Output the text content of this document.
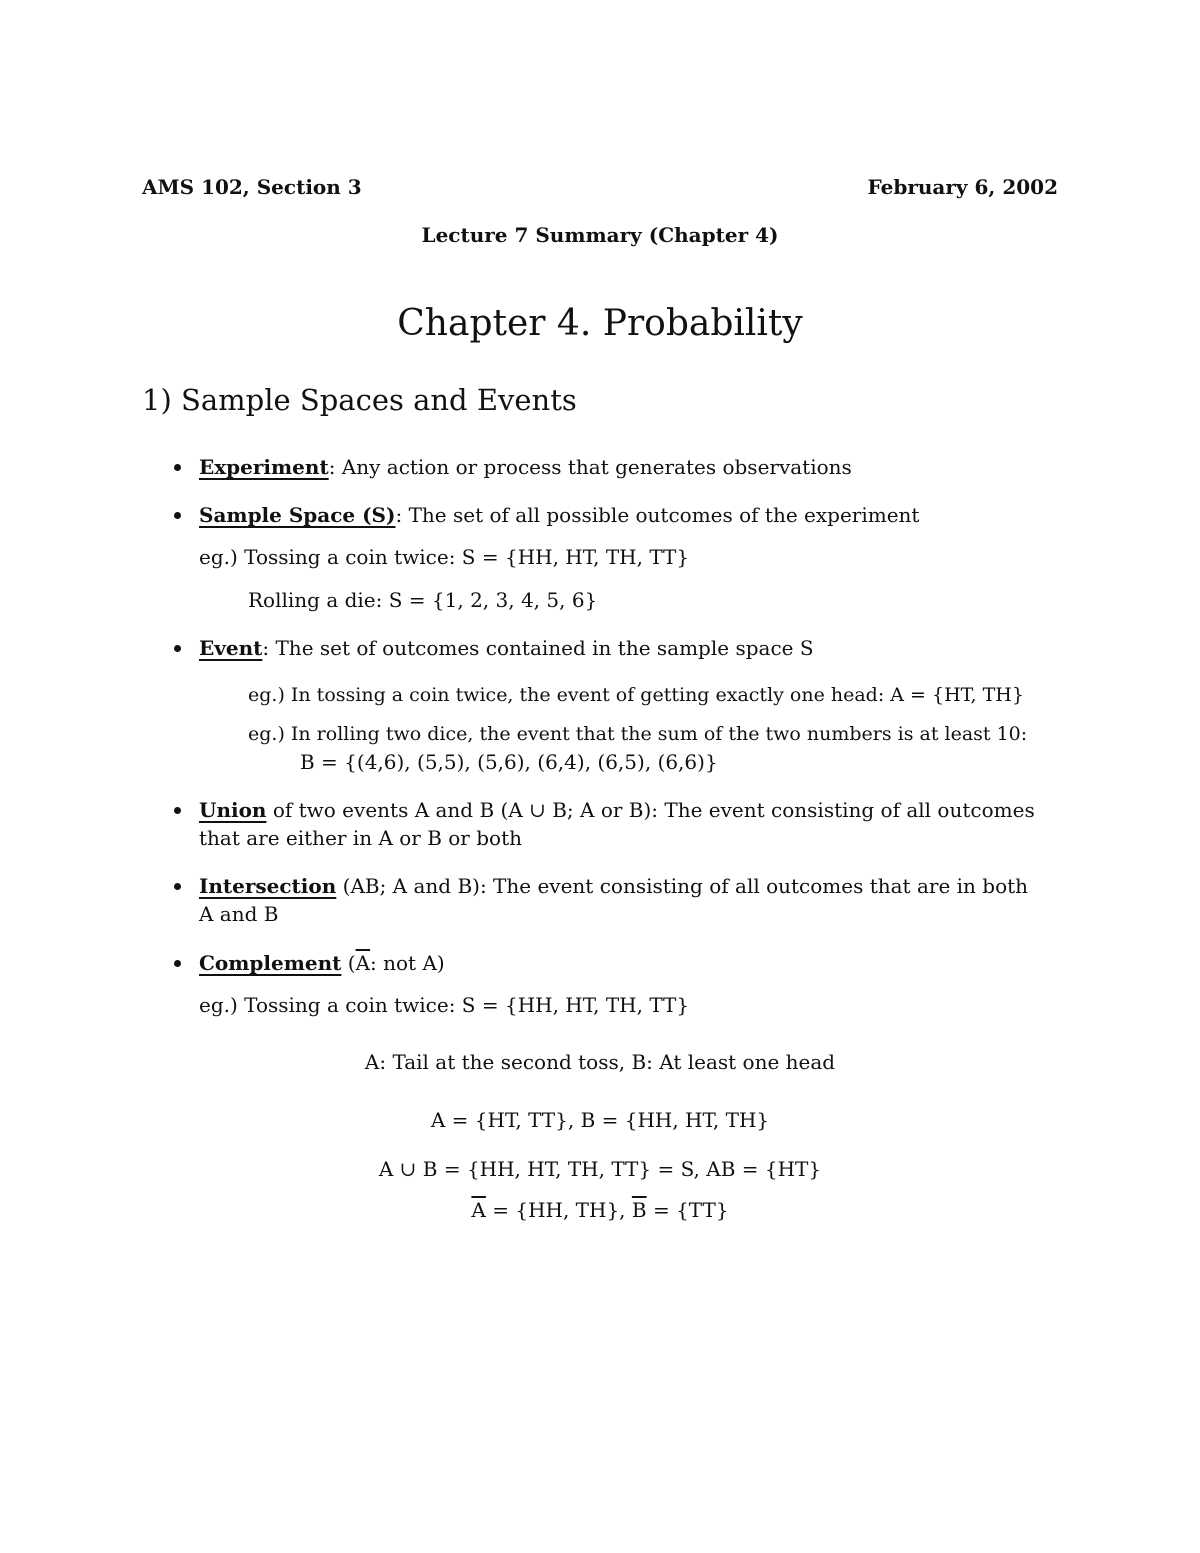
AMS 102, Section 3	February 6, 2002
Lecture 7 Summary (Chapter 4)
Chapter 4. Probability
1) Sample Spaces and Events
Experiment: Any action or process that generates observations
Sample Space (S): The set of all possible outcomes of the experiment
eg.) Tossing a coin twice: S = {HH, HT, TH, TT}
Rolling a die: S = {1, 2, 3, 4, 5, 6}
Event: The set of outcomes contained in the sample space S
eg.) In tossing a coin twice, the event of getting exactly one head: A = {HT, TH}
eg.) In rolling two dice, the event that the sum of the two numbers is at least 10:
B = {(4,6), (5,5), (5,6), (6,4), (6,5), (6,6)}
Union of two events A and B (A ∪ B; A or B): The event consisting of all outcomes
that are either in A or B or both
Intersection (AB; A and B): The event consisting of all outcomes that are in both
A and B
Complement ($\overline{A}$: not A)
eg.) Tossing a coin twice: S = {HH, HT, TH, TT}
A: Tail at the second toss, B: At least one head
A = {HT, TT}, B = {HH, HT, TH}
A ∪ B = {HH, HT, TH, TT} = S, AB = {HT}
$\overline{A} = \{HH$, TH}, $\overline{B} = \{TT\}$
